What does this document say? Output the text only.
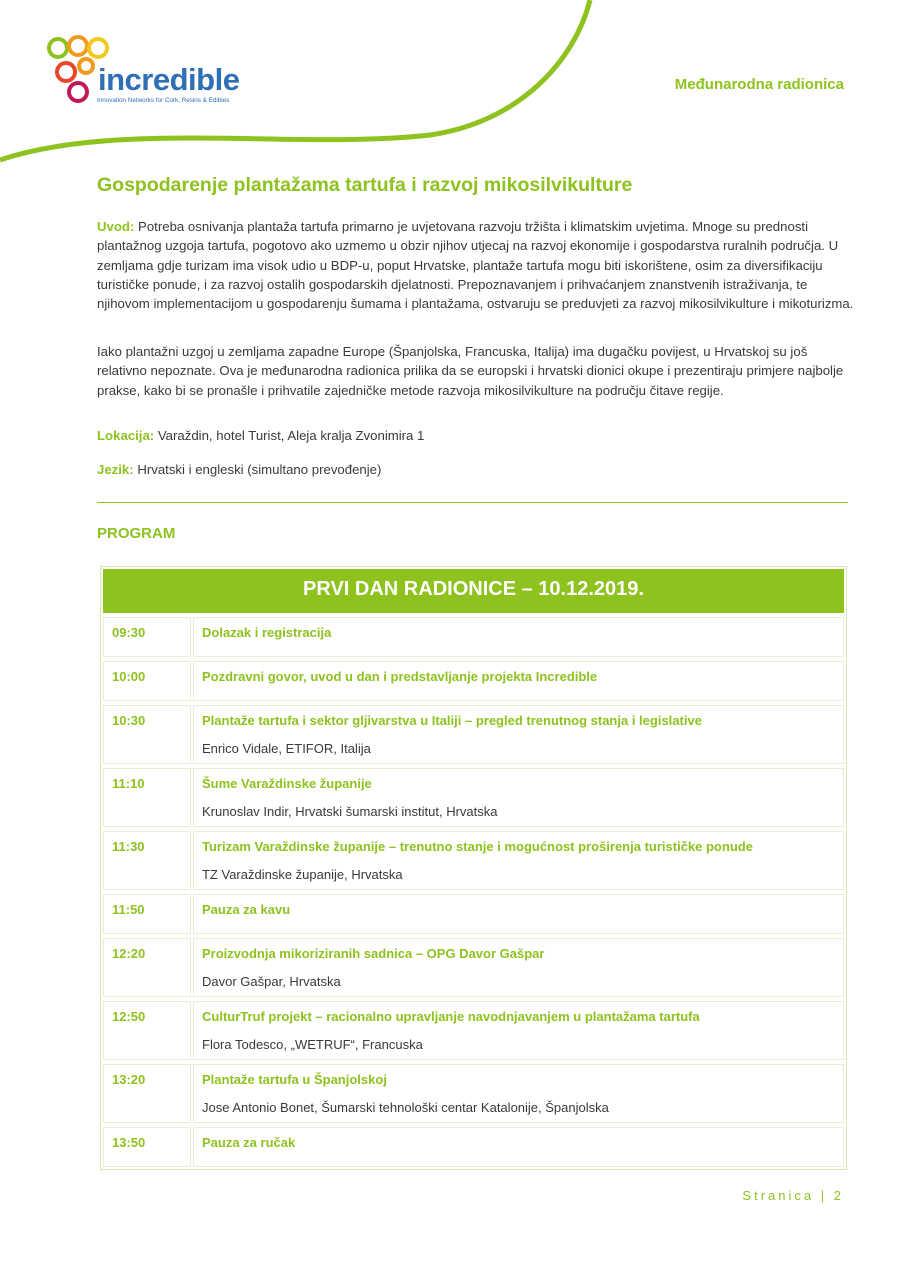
incredible
Innovation Networks for Cork, Resins & Edibles
Međunarodna radionica
Gospodarenje plantažama tartufa i razvoj mikosilvikulture

Uvod: Potreba osnivanja plantaža tartufa primarno je uvjetovana razvoju tržišta i klimatskim uvjetima. Mnoge su prednosti plantažnog uzgoja tartufa, pogotovo ako uzmemo u obzir njihov utjecaj na razvoj ekonomije i gospodarstva ruralnih područja. U zemljama gdje turizam ima visok udio u BDP-u, poput Hrvatske, plantaže tartufa mogu biti iskorištene, osim za diversifikaciju turističke ponude, i za razvoj ostalih gospodarskih djelatnosti. Prepoznavanjem i prihvaćanjem znanstvenih istraživanja, te njihovom implementacijom u gospodarenju šumama i plantažama, ostvaruju se preduvjeti za razvoj mikosilvikulture i mikoturizma.

Iako plantažni uzgoj u zemljama zapadne Europe (Španjolska, Francuska, Italija) ima dugačku povijest, u Hrvatskoj su još relativno nepoznate. Ova je međunarodna radionica prilika da se europski i hrvatski dionici okupe i prezentiraju primjere najbolje prakse, kako bi se pronašle i prihvatile zajedničke metode razvoja mikosilvikulture na području čitave regije.

Lokacija: Varaždin, hotel Turist, Aleja kralja Zvonimira 1
Jezik: Hrvatski i engleski (simultano prevođenje)
PROGRAM
PRVI DAN RADIONICE – 10.12.2019.
09:30	Dolazak i registracija
10:00	Pozdravni govor, uvod u dan i predstavljanje projekta Incredible
10:30	Plantaže tartufa i sektor gljivarstva u Italiji – pregled trenutnog stanja i legislative
Enrico Vidale, ETIFOR, Italija
11:10	Šume Varaždinske županije
Krunoslav Indir, Hrvatski šumarski institut, Hrvatska
11:30	Turizam Varaždinske županije – trenutno stanje i mogućnost proširenja turističke ponude
TZ Varaždinske županije, Hrvatska
11:50	Pauza za kavu
12:20	Proizvodnja mikoriziranih sadnica – OPG Davor Gašpar
Davor Gašpar, Hrvatska
12:50	CulturTruf projekt – racionalno upravljanje navodnjavanjem u plantažama tartufa
Flora Todesco, „WETRUF“, Francuska
13:20	Plantaže tartufa u Španjolskoj
Jose Antonio Bonet, Šumarski tehnološki centar Katalonije, Španjolska
13:50	Pauza za ručak
Stranica | 2
